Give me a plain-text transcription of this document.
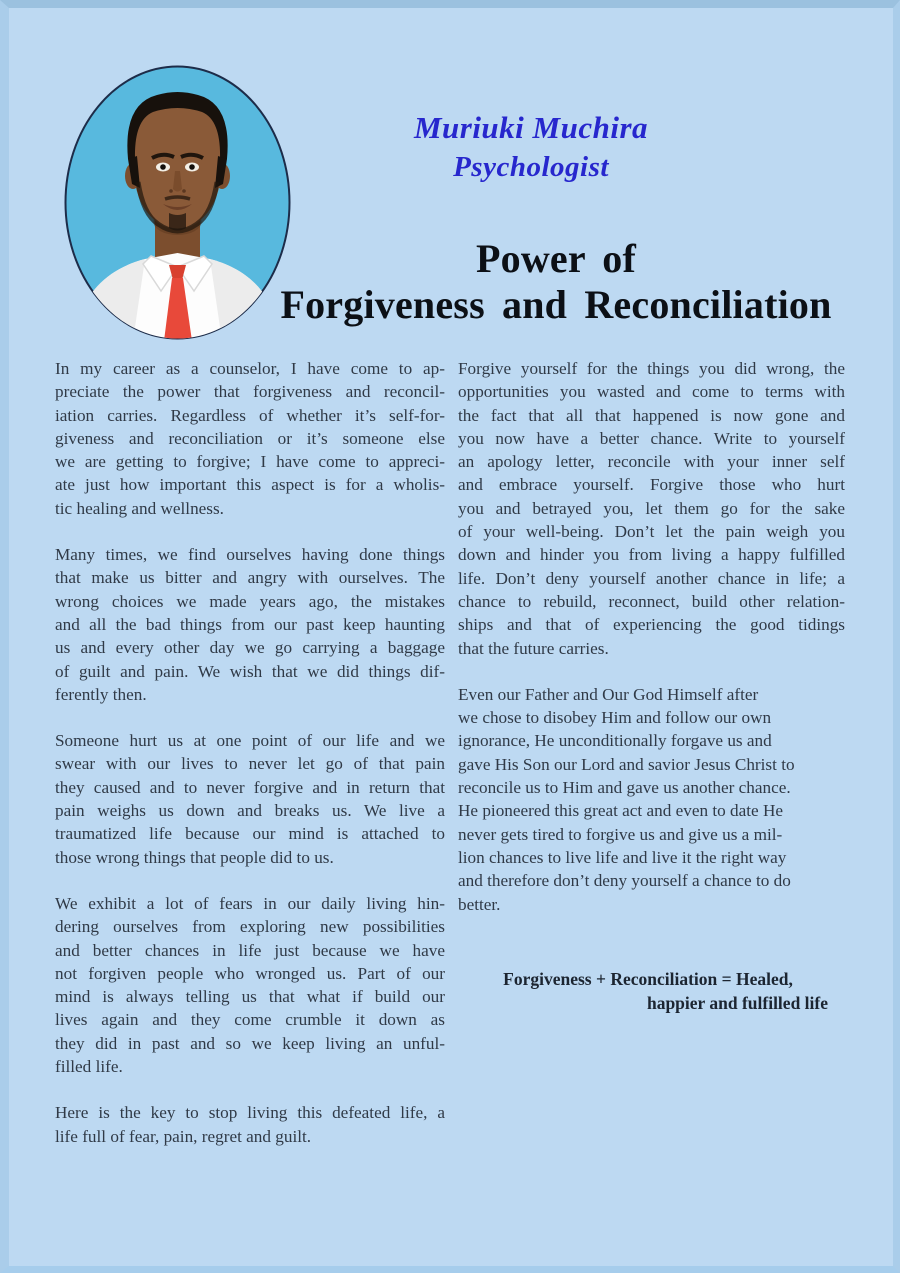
Muriuki Muchira
Psychologist
Power of
Forgiveness and Reconciliation
In my career as a counselor, I have come to ap-
preciate the power that forgiveness and reconcil-
iation carries. Regardless of whether it’s self-for-
giveness and reconciliation or it’s someone else
we are getting to forgive; I have come to appreci-
ate just how important this aspect is for a wholis-
tic healing and wellness.
Many times, we find ourselves having done things
that make us bitter and angry with ourselves. The
wrong choices we made years ago, the mistakes
and all the bad things from our past keep haunting
us and every other day we go carrying a baggage
of guilt and pain. We wish that we did things dif-
ferently then.
Someone hurt us at one point of our life and we
swear with our lives to never let go of that pain
they caused and to never forgive and in return that
pain weighs us down and breaks us. We live a
traumatized life because our mind is attached to
those wrong things that people did to us.
We exhibit a lot of fears in our daily living hin-
dering ourselves from exploring new possibilities
and better chances in life just because we have
not forgiven people who wronged us. Part of our
mind is always telling us that what if build our
lives again and they come crumble it down as
they did in past and so we keep living an unful-
filled life.
Here is the key to stop living this defeated life, a
life full of fear, pain, regret and guilt.
Forgive yourself for the things you did wrong, the
opportunities you wasted and come to terms with
the fact that all that happened is now gone and
you now have a better chance. Write to yourself
an apology letter, reconcile with your inner self
and embrace yourself. Forgive those who hurt
you and betrayed you, let them go for the sake
of your well-being. Don’t let the pain weigh you
down and hinder you from living a happy fulfilled
life. Don’t deny yourself another chance in life; a
chance to rebuild, reconnect, build other relation-
ships and that of experiencing the good tidings
that the future carries.
Even our Father and Our God Himself after
we chose to disobey Him and follow our own
ignorance, He unconditionally forgave us and
gave His Son our Lord and savior Jesus Christ to
reconcile us to Him and gave us another chance.
He pioneered this great act and even to date He
never gets tired to forgive us and give us a mil-
lion chances to live life and live it the right way
and therefore don’t deny yourself a chance to do
better.
Forgiveness + Reconciliation = Healed,
happier and fulfilled life
